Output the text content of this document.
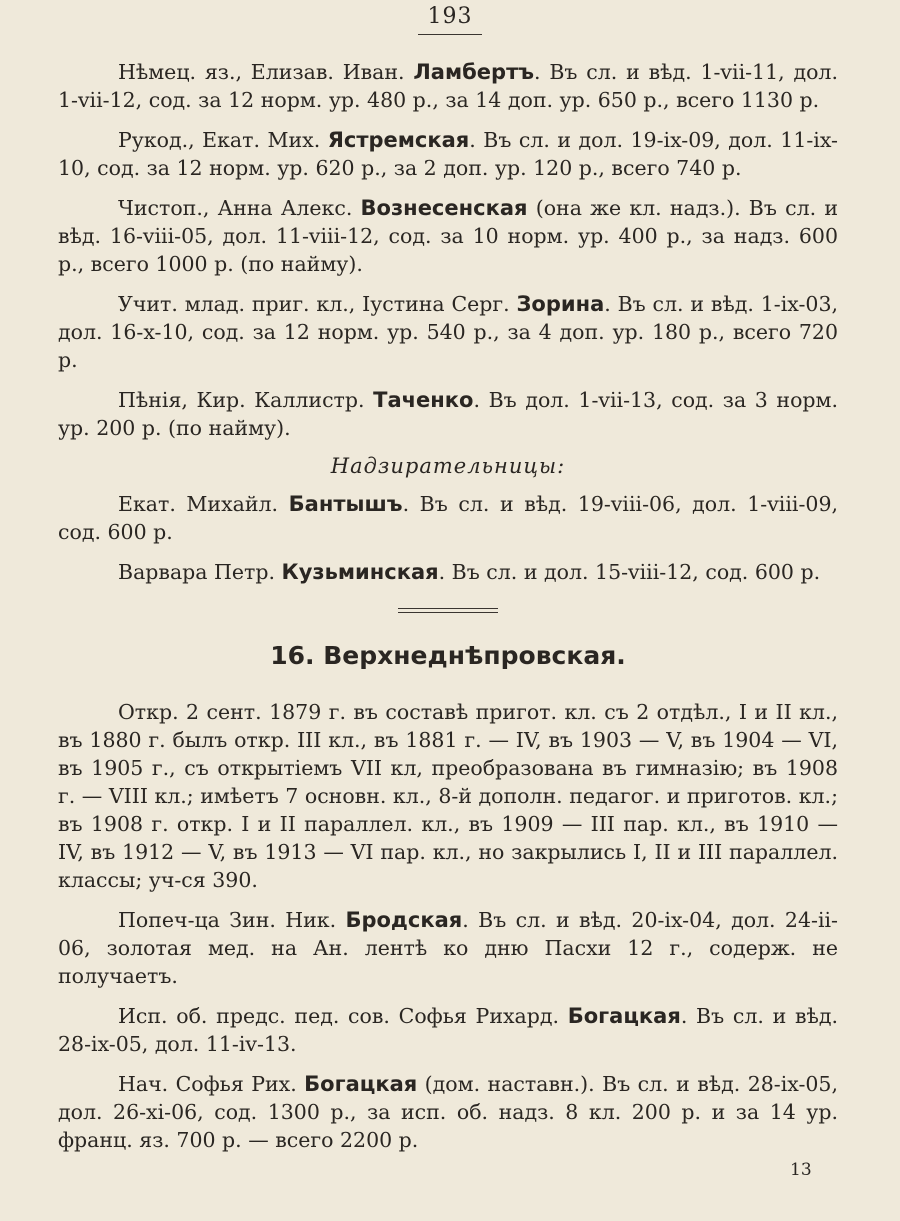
193

Нѣмец. яз., Елизав. Иван. Ламбертъ. Въ сл. и вѣд. 1-vii-11, дол. 1-vii-12, сод. за 12 норм. ур. 480 р., за 14 доп. ур. 650 р., всего 1130 р.

Рукод., Екат. Мих. Ястремская. Въ сл. и дол. 19-ix-09, дол. 11-ix-10, сод. за 12 норм. ур. 620 р., за 2 доп. ур. 120 р., всего 740 р.

Чистоп., Анна Алекс. Вознесенская (она же кл. надз.). Въ сл. и вѣд. 16-viii-05, дол. 11-viii-12, сод. за 10 норм. ур. 400 р., за надз. 600 р., всего 1000 р. (по найму).

Учит. млад. приг. кл., Іустина Серг. Зорина. Въ сл. и вѣд. 1-ix-03, дол. 16-x-10, сод. за 12 норм. ур. 540 р., за 4 доп. ур. 180 р., всего 720 р.

Пѣнія, Кир. Каллистр. Таченко. Въ дол. 1-vii-13, сод. за 3 норм. ур. 200 р. (по найму).

Надзирательницы:

Екат. Михайл. Бантышъ. Въ сл. и вѣд. 19-viii-06, дол. 1-viii-09, сод. 600 р.

Варвара Петр. Кузьминская. Въ сл. и дол. 15-viii-12, сод. 600 р.

16. Верхнеднѣпровская.

Откр. 2 сент. 1879 г. въ составѣ пригот. кл. съ 2 отдѣл., I и II кл., въ 1880 г. былъ откр. III кл., въ 1881 г. — IV, въ 1903 — V, въ 1904 — VI, въ 1905 г., съ открытіемъ VII кл, преобразована въ гимназію; въ 1908 г. — VIII кл.; имѣетъ 7 основн. кл., 8-й дополн. педагог. и приготов. кл.; въ 1908 г. откр. I и II параллел. кл., въ 1909 — III пар. кл., въ 1910 — IV, въ 1912 — V, въ 1913 — VI пар. кл., но закрылись I, II и III параллел. классы; уч-ся 390.

Попеч-ца Зин. Ник. Бродская. Въ сл. и вѣд. 20-ix-04, дол. 24-ii-06, золотая мед. на Ан. лентѣ ко дню Пасхи 12 г., содерж. не получаетъ.

Исп. об. предс. пед. сов. Софья Рихард. Богацкая. Въ сл. и вѣд. 28-ix-05, дол. 11-iv-13.

Нач. Софья Рих. Богацкая (дом. наставн.). Въ сл. и вѣд. 28-ix-05, дол. 26-xi-06, сод. 1300 р., за исп. об. надз. 8 кл. 200 р. и за 14 ур. франц. яз. 700 р. — всего 2200 р.

13
